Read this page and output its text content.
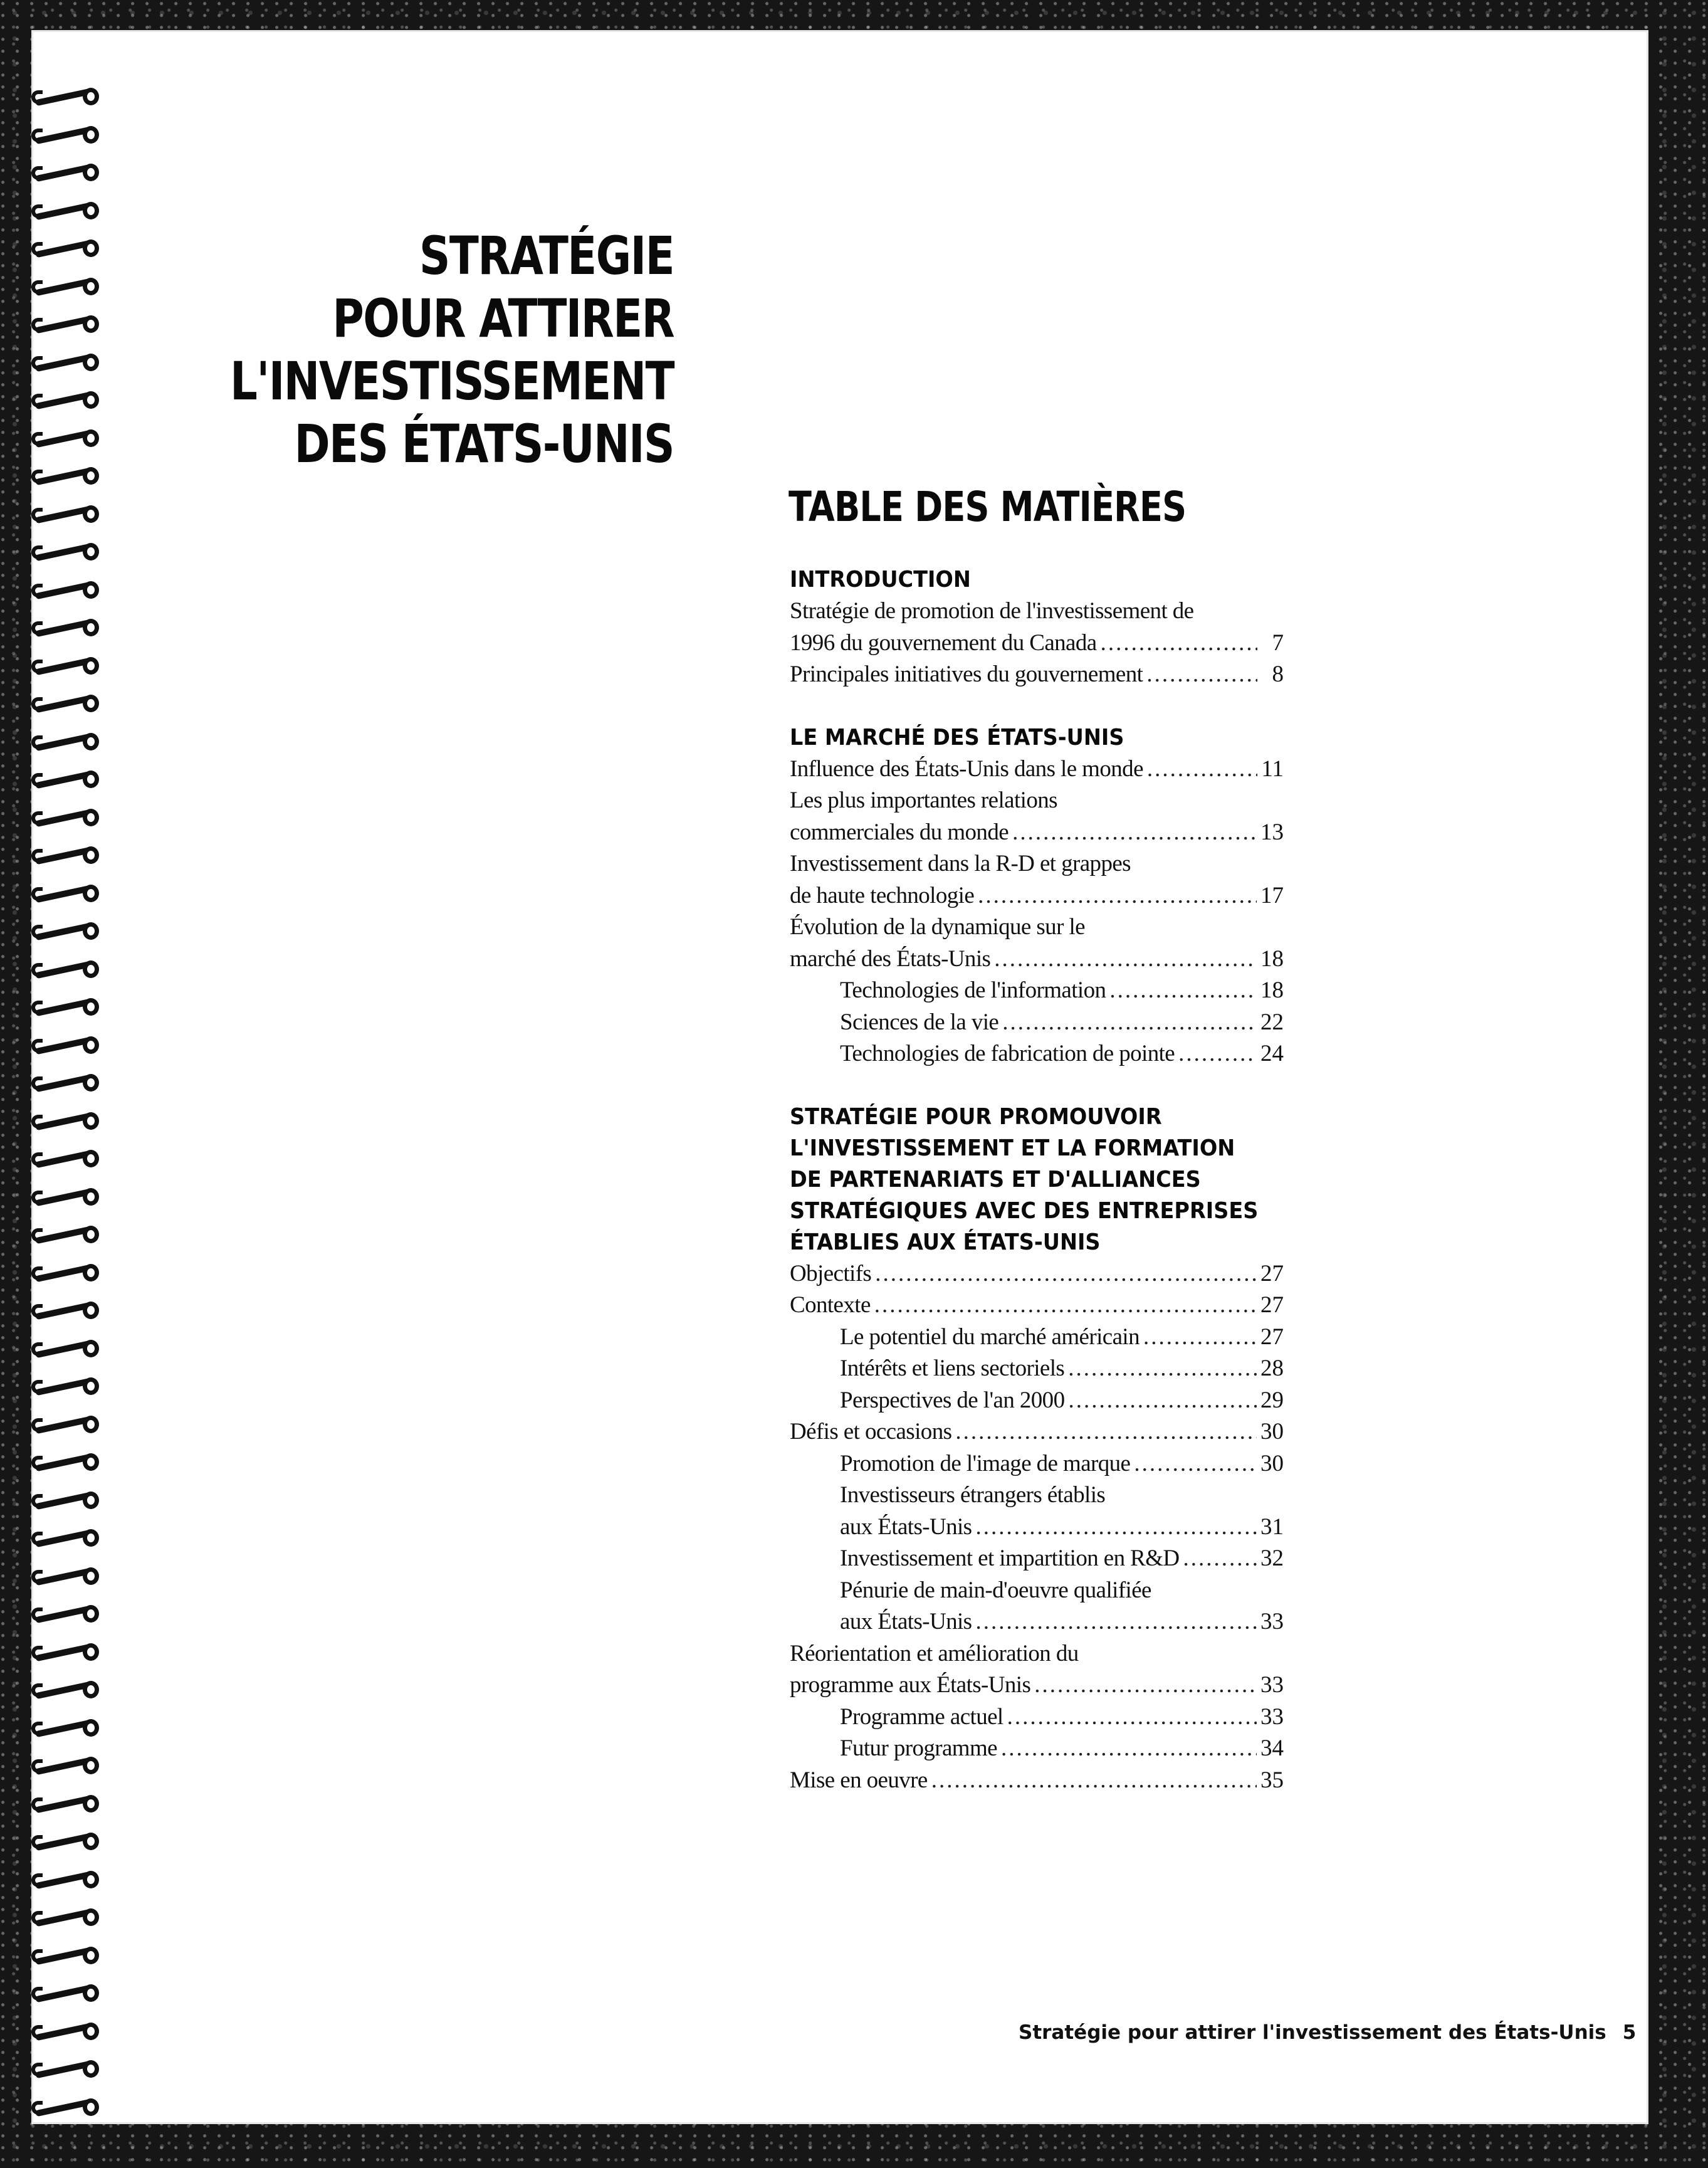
STRATÉGIE
POUR ATTIRER
L'INVESTISSEMENT
DES ÉTATS-UNIS
TABLE DES MATIÈRES
INTRODUCTION
Stratégie de promotion de l'investissement de
1996 du gouvernement du Canada .....	7
Principales initiatives du gouvernement .....	8
LE MARCHÉ DES ÉTATS-UNIS
Influence des États-Unis dans le monde .....	11
Les plus importantes relations
commerciales du monde .....	13
Investissement dans la R-D et grappes
de haute technologie .....	17
Évolution de la dynamique sur le
marché des États-Unis .....	18
Technologies de l'information .....	18
Sciences de la vie .....	22
Technologies de fabrication de pointe .....	24
STRATÉGIE POUR PROMOUVOIR
L'INVESTISSEMENT ET LA FORMATION
DE PARTENARIATS ET D'ALLIANCES
STRATÉGIQUES AVEC DES ENTREPRISES
ÉTABLIES AUX ÉTATS-UNIS
Objectifs .....	27
Contexte .....	27
Le potentiel du marché américain .....	27
Intérêts et liens sectoriels .....	28
Perspectives de l'an 2000 .....	29
Défis et occasions .....	30
Promotion de l'image de marque .....	30
Investisseurs étrangers établis
aux États-Unis .....	31
Investissement et impartition en R&D .....	32
Pénurie de main-d'oeuvre qualifiée
aux États-Unis .....	33
Réorientation et amélioration du
programme aux États-Unis .....	33
Programme actuel .....	33
Futur programme .....	34
Mise en oeuvre .....	35
Stratégie pour attirer l'investissement des États-Unis 5
